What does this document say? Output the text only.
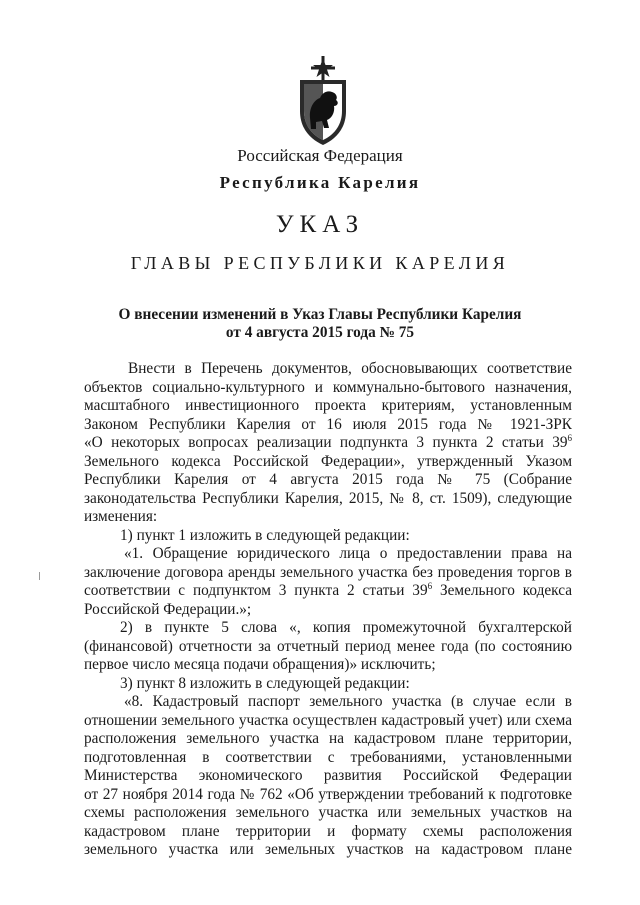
Российская Федерация
Республика Карелия
УКАЗ
ГЛАВЫ РЕСПУБЛИКИ КАРЕЛИЯ
О внесении изменений в Указ Главы Республики Карелия
от 4 августа 2015 года № 75
Внести в Перечень документов, обосновывающих соответствие
объектов социально-культурного и коммунально-бытового назначения,
масштабного инвестиционного проекта критериям, установленным
Законом Республики Карелия от 16 июля 2015 года № 1921-ЗРК
«О некоторых вопросах реализации подпункта 3 пункта 2 статьи $39^6$
Земельного кодекса Российской Федерации», утвержденный Указом
Республики Карелия от 4 августа 2015 года № 75 (Собрание
законодательства Республики Карелия, 2015, № 8, ст. 1509), следующие
изменения:
1) пункт 1 изложить в следующей редакции:
«1. Обращение юридического лица о предоставлении права на
заключение договора аренды земельного участка без проведения торгов в
соответствии с подпунктом 3 пункта 2 статьи $39^6$ Земельного кодекса
Российской Федерации.»;
2) в пункте 5 слова «, копия промежуточной бухгалтерской
(финансовой) отчетности за отчетный период менее года (по состоянию
первое число месяца подачи обращения)» исключить;
3) пункт 8 изложить в следующей редакции:
«8. Кадастровый паспорт земельного участка (в случае если в
отношении земельного участка осуществлен кадастровый учет) или схема
расположения земельного участка на кадастровом плане территории,
подготовленная в соответствии с требованиями, установленными
Министерства экономического развития Российской Федерации
от 27 ноября 2014 года № 762 «Об утверждении требований к подготовке
схемы расположения земельного участка или земельных участков на
кадастровом плане территории и формату схемы расположения
земельного участка или земельных участков на кадастровом плане
